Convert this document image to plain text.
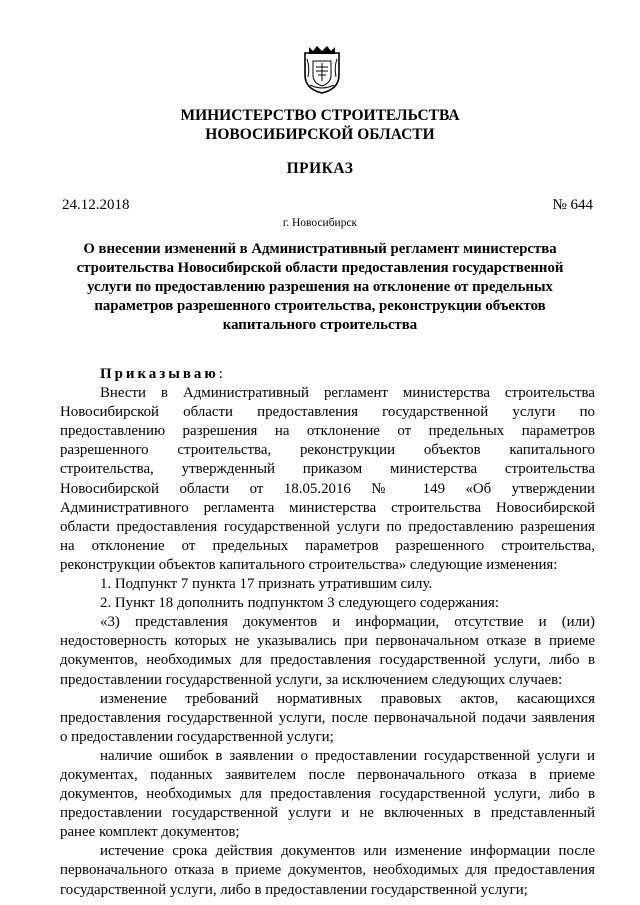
МИНИСТЕРСТВО СТРОИТЕЛЬСТВА
НОВОСИБИРСКОЙ ОБЛАСТИ
ПРИКАЗ
24.12.2018	№ 644
г. Новосибирск
О внесении изменений в Административный регламент министерства
строительства Новосибирской области предоставления государственной
услуги по предоставлению разрешения на отклонение от предельных
параметров разрешенного строительства, реконструкции объектов
капитального строительства
Приказываю:
Внести в Административный регламент министерства строительства
Новосибирской области предоставления государственной услуги по
предоставлению разрешения на отклонение от предельных параметров
разрешенного строительства, реконструкции объектов капитального
строительства, утвержденный приказом министерства строительства
Новосибирской области от 18.05.2016 № 149 «Об утверждении
Административного регламента министерства строительства Новосибирской
области предоставления государственной услуги по предоставлению разрешения
на отклонение от предельных параметров разрешенного строительства,
реконструкции объектов капитального строительства» следующие изменения:
1. Подпункт 7 пункта 17 признать утратившим силу.
2. Пункт 18 дополнить подпунктом 3 следующего содержания:
«3) представления документов и информации, отсутствие и (или)
недостоверность которых не указывались при первоначальном отказе в приеме
документов, необходимых для предоставления государственной услуги, либо в
предоставлении государственной услуги, за исключением следующих случаев:
изменение требований нормативных правовых актов, касающихся
предоставления государственной услуги, после первоначальной подачи заявления
о предоставлении государственной услуги;
наличие ошибок в заявлении о предоставлении государственной услуги и
документах, поданных заявителем после первоначального отказа в приеме
документов, необходимых для предоставления государственной услуги, либо в
предоставлении государственной услуги и не включенных в представленный
ранее комплект документов;
истечение срока действия документов или изменение информации после
первоначального отказа в приеме документов, необходимых для предоставления
государственной услуги, либо в предоставлении государственной услуги;
